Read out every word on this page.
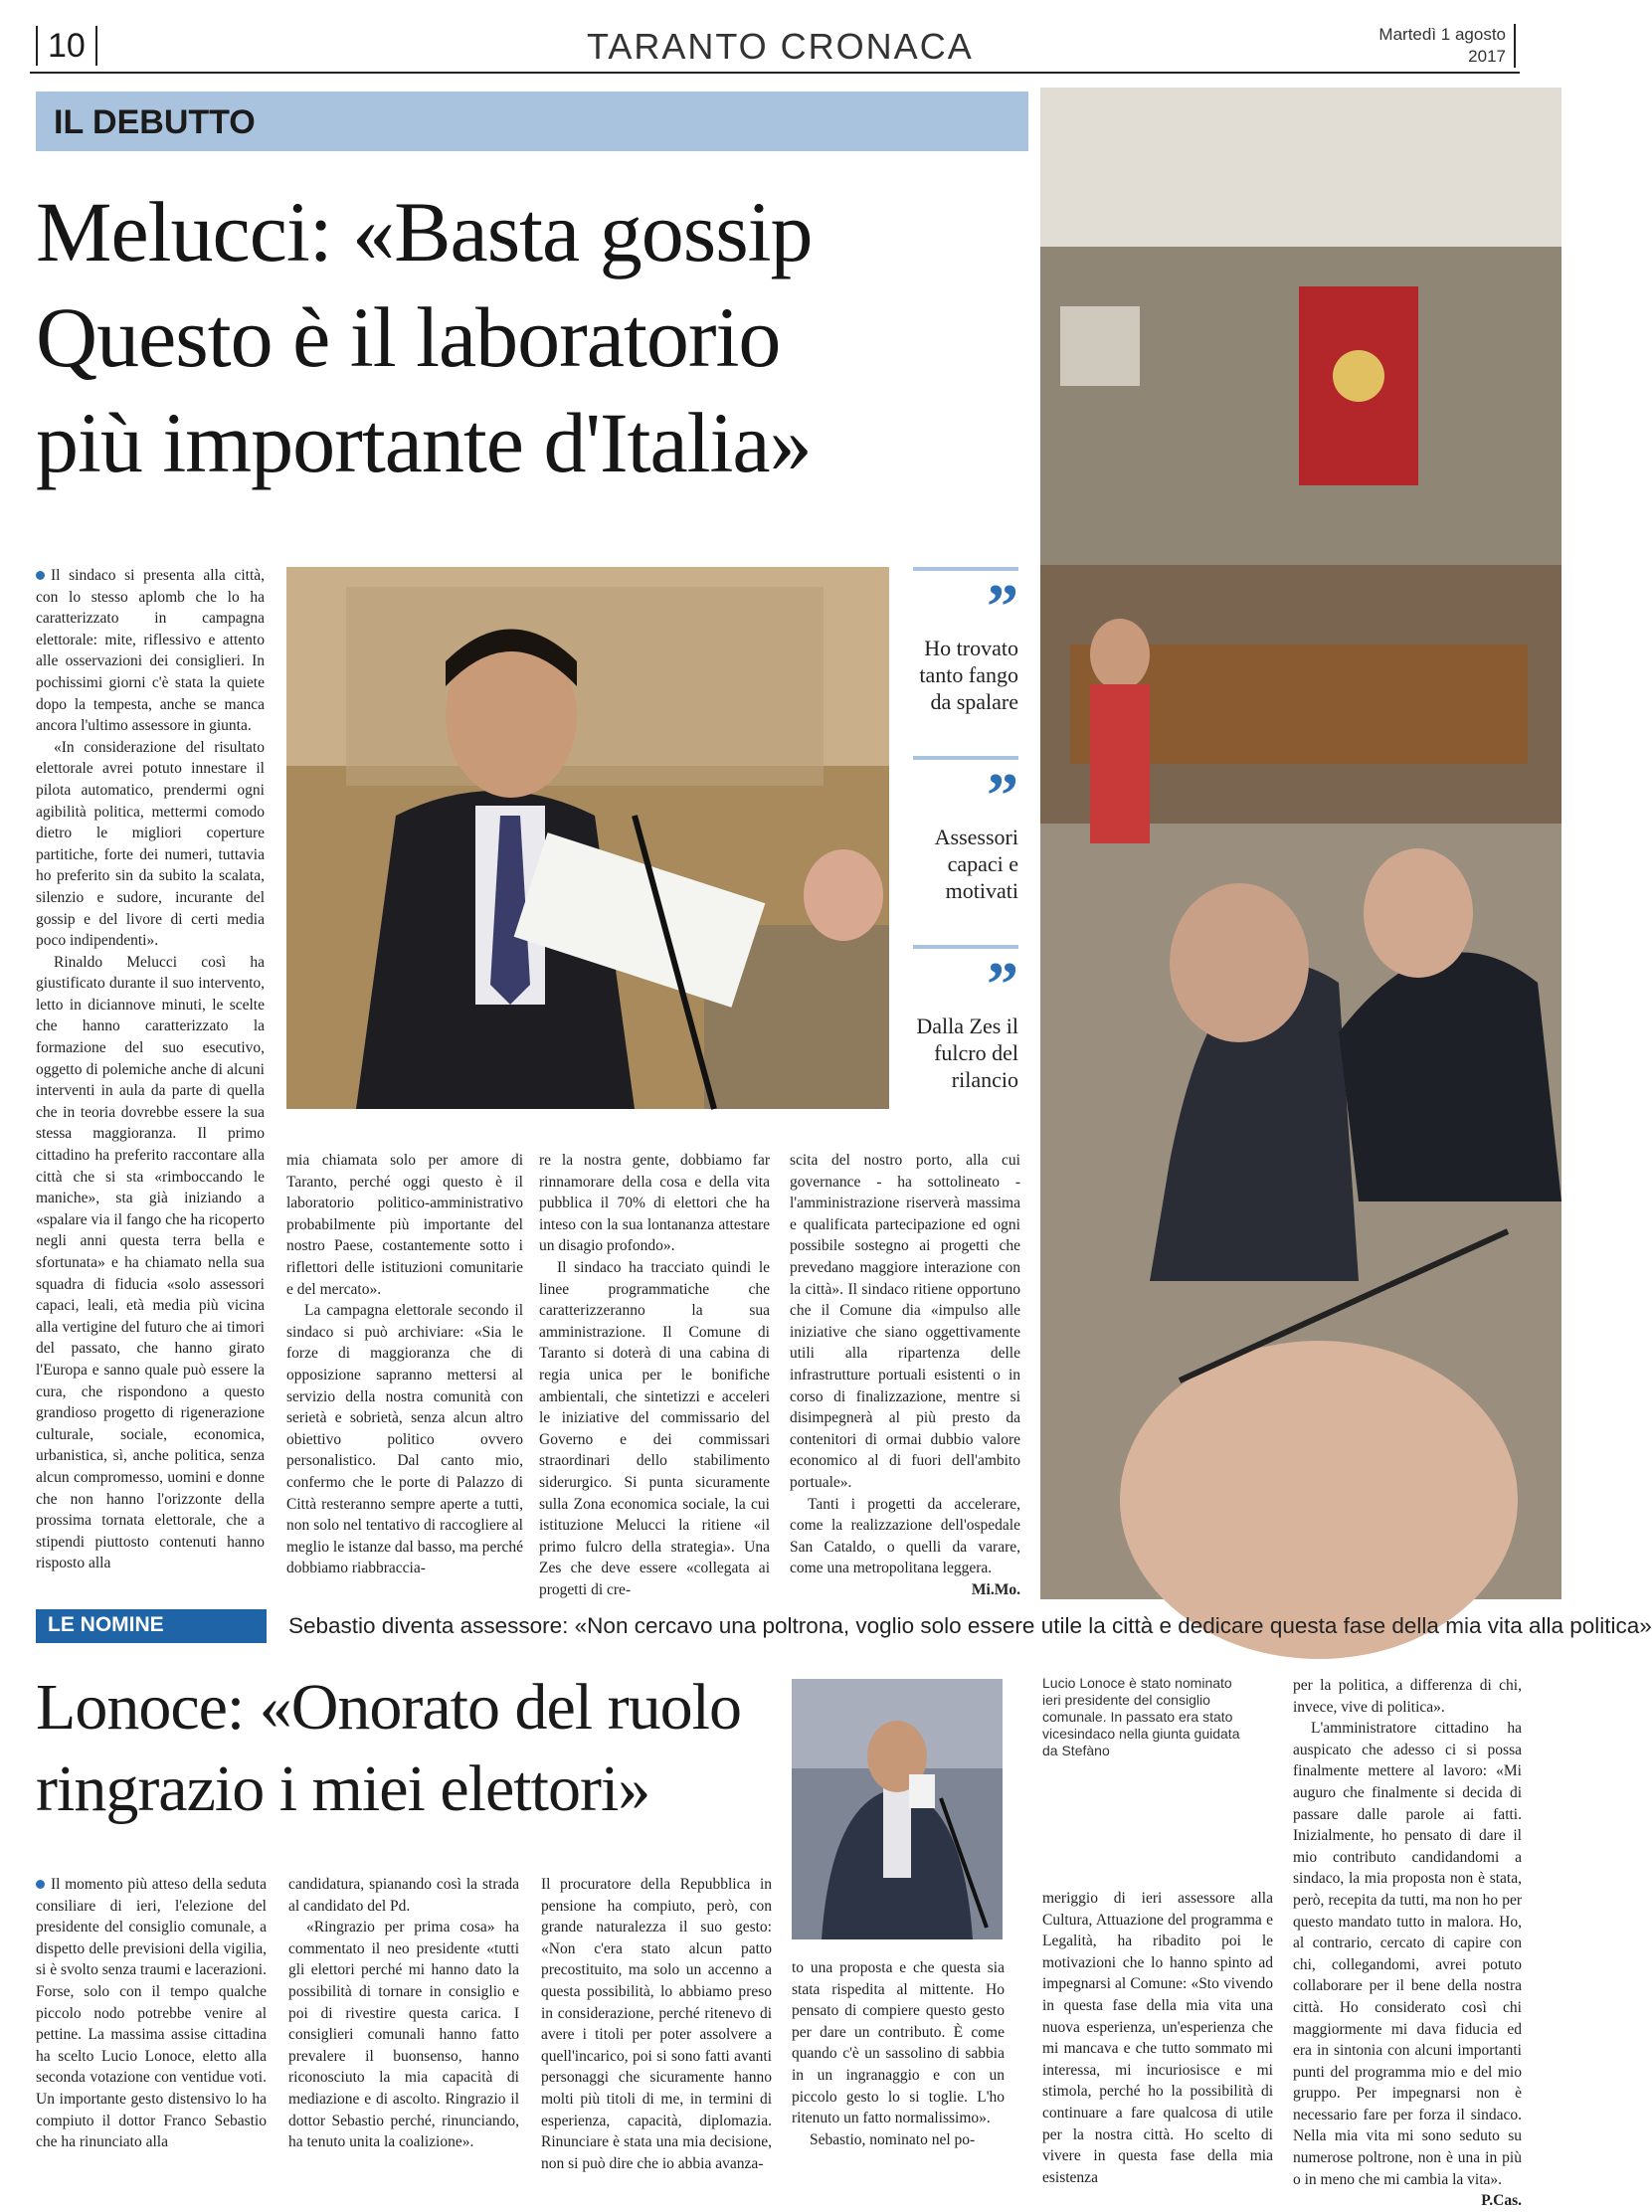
10	TARANTO CRONACA	Martedì 1 agosto
2017
IL DEBUTTO
Melucci: «Basta gossip
Questo è il laboratorio
più importante d'Italia»
”
Ho trovato tanto fango da spalare
”
Assessori capaci e motivati
”
Dalla Zes il fulcro del rilancio

Il sindaco si presenta alla città, con lo stesso aplomb che lo ha caratterizzato in campagna elettorale: mite, riflessivo e attento alle osservazioni dei consiglieri. In pochissimi giorni c'è stata la quiete dopo la tempesta, anche se manca ancora l'ultimo assessore in giunta.

«In considerazione del risultato elettorale avrei potuto innestare il pilota automatico, prendermi ogni agibilità politica, mettermi comodo dietro le migliori coperture partitiche, forte dei numeri, tuttavia ho preferito sin da subito la scalata, silenzio e sudore, incurante del gossip e del livore di certi media poco indipendenti».

Rinaldo Melucci così ha giustificato durante il suo intervento, letto in diciannove minuti, le scelte che hanno caratterizzato la formazione del suo esecutivo, oggetto di polemiche anche di alcuni interventi in aula da parte di quella che in teoria dovrebbe essere la sua stessa maggioranza. Il primo cittadino ha preferito raccontare alla città che si sta «rimboccando le maniche», sta già iniziando a «spalare via il fango che ha ricoperto negli anni questa terra bella e sfortunata» e ha chiamato nella sua squadra di fiducia «solo assessori capaci, leali, età media più vicina alla vertigine del futuro che ai timori del passato, che hanno girato l'Europa e sanno quale può essere la cura, che rispondono a questo grandioso progetto di rigenerazione culturale, sociale, economica, urbanistica, sì, anche politica, senza alcun compromesso, uomini e donne che non hanno l'orizzonte della prossima tornata elettorale, che a stipendi piuttosto contenuti hanno risposto alla

mia chiamata solo per amore di Taranto, perché oggi questo è il laboratorio politico-amministrativo probabilmente più importante del nostro Paese, costantemente sotto i riflettori delle istituzioni comunitarie e del mercato».

La campagna elettorale secondo il sindaco si può archiviare: «Sia le forze di maggioranza che di opposizione sapranno mettersi al servizio della nostra comunità con serietà e sobrietà, senza alcun altro obiettivo politico ovvero personalistico. Dal canto mio, confermo che le porte di Palazzo di Città resteranno sempre aperte a tutti, non solo nel tentativo di raccogliere al meglio le istanze dal basso, ma perché dobbiamo riabbraccia-

re la nostra gente, dobbiamo far rinnamorare della cosa e della vita pubblica il 70% di elettori che ha inteso con la sua lontananza attestare un disagio profondo».

Il sindaco ha tracciato quindi le linee programmatiche che caratterizzeranno la sua amministrazione. Il Comune di Taranto si doterà di una cabina di regia unica per le bonifiche ambientali, che sintetizzi e acceleri le iniziative del commissario del Governo e dei commissari straordinari dello stabilimento siderurgico. Si punta sicuramente sulla Zona economica sociale, la cui istituzione Melucci la ritiene «il primo fulcro della strategia». Una Zes che deve essere «collegata ai progetti di cre-

scita del nostro porto, alla cui governance - ha sottolineato - l'amministrazione riserverà massima e qualificata partecipazione ed ogni possibile sostegno ai progetti che prevedano maggiore interazione con la città». Il sindaco ritiene opportuno che il Comune dia «impulso alle iniziative che siano oggettivamente utili alla ripartenza delle infrastrutture portuali esistenti o in corso di finalizzazione, mentre si disimpegnerà al più presto da contenitori di ormai dubbio valore economico al di fuori dell'ambito portuale».

Tanti i progetti da accelerare, come la realizzazione dell'ospedale San Cataldo, o quelli da varare, come una metropolitana leggera.

Mi.Mo.
LE NOMINE	Sebastio diventa assessore: «Non cercavo una poltrona, voglio solo essere utile la città e dedicare questa fase della mia vita alla politica»
Lonoce: «Onorato del ruolo
ringrazio i miei elettori»
Lucio Lonoce è stato nominato ieri presidente del consiglio comunale. In passato era stato vicesindaco nella giunta guidata da Stefàno

Il momento più atteso della seduta consiliare di ieri, l'elezione del presidente del consiglio comunale, a dispetto delle previsioni della vigilia, si è svolto senza traumi e lacerazioni. Forse, solo con il tempo qualche piccolo nodo potrebbe venire al pettine. La massima assise cittadina ha scelto Lucio Lonoce, eletto alla seconda votazione con ventidue voti. Un importante gesto distensivo lo ha compiuto il dottor Franco Sebastio che ha rinunciato alla

candidatura, spianando così la strada al candidato del Pd.

«Ringrazio per prima cosa» ha commentato il neo presidente «tutti gli elettori perché mi hanno dato la possibilità di tornare in consiglio e poi di rivestire questa carica. I consiglieri comunali hanno fatto prevalere il buonsenso, hanno riconosciuto la mia capacità di mediazione e di ascolto. Ringrazio il dottor Sebastio perché, rinunciando, ha tenuto unita la coalizione».

Il procuratore della Repubblica in pensione ha compiuto, però, con grande naturalezza il suo gesto: «Non c'era stato alcun patto precostituito, ma solo un accenno a questa possibilità, lo abbiamo preso in considerazione, perché ritenevo di avere i titoli per poter assolvere a quell'incarico, poi si sono fatti avanti personaggi che sicuramente hanno molti più titoli di me, in termini di esperienza, capacità, diplomazia. Rinunciare è stata una mia decisione, non si può dire che io abbia avanza-

to una proposta e che questa sia stata rispedita al mittente. Ho pensato di compiere questo gesto per dare un contributo. È come quando c'è un sassolino di sabbia in un ingranaggio e con un piccolo gesto lo si toglie. L'ho ritenuto un fatto normalissimo».

Sebastio, nominato nel po-

meriggio di ieri assessore alla Cultura, Attuazione del programma e Legalità, ha ribadito poi le motivazioni che lo hanno spinto ad impegnarsi al Comune: «Sto vivendo in questa fase della mia vita una nuova esperienza, un'esperienza che mi mancava e che tutto sommato mi interessa, mi incuriosisce e mi stimola, perché ho la possibilità di continuare a fare qualcosa di utile per la nostra città. Ho scelto di vivere in questa fase della mia esistenza

per la politica, a differenza di chi, invece, vive di politica».

L'amministratore cittadino ha auspicato che adesso ci si possa finalmente mettere al lavoro: «Mi auguro che finalmente si decida di passare dalle parole ai fatti. Inizialmente, ho pensato di dare il mio contributo candidandomi a sindaco, la mia proposta non è stata, però, recepita da tutti, ma non ho per questo mandato tutto in malora. Ho, al contrario, cercato di capire con chi, collegandomi, avrei potuto collaborare per il bene della nostra città. Ho considerato così chi maggiormente mi dava fiducia ed era in sintonia con alcuni importanti punti del programma mio e del mio gruppo. Per impegnarsi non è necessario fare per forza il sindaco. Nella mia vita mi sono seduto su numerose poltrone, non è una in più o in meno che mi cambia la vita».

P.Cas.
